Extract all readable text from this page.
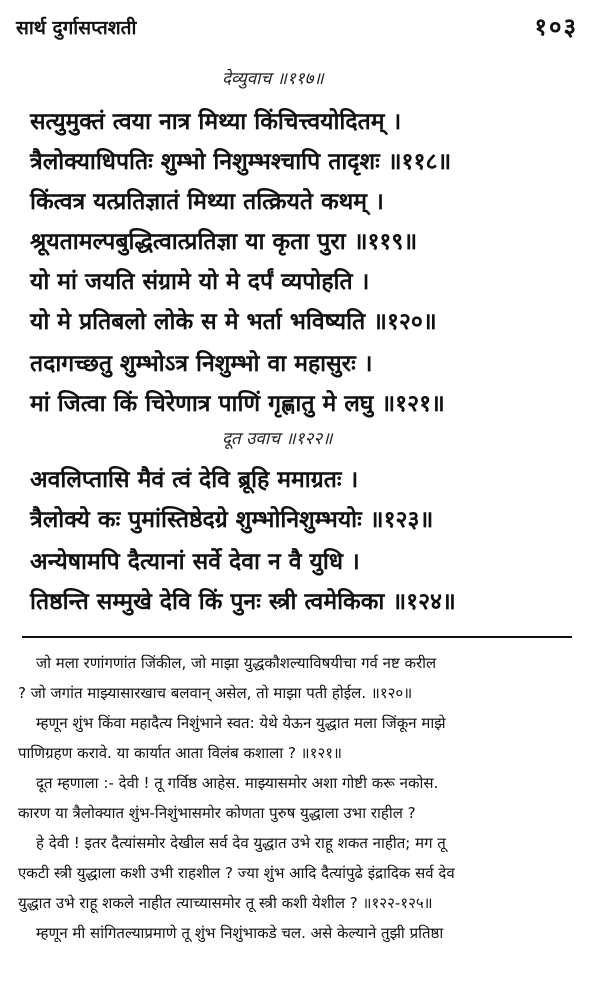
सार्थ दुर्गासप्तशती	१०३
देव्युवाच ॥११७॥
सत्युमुक्तं त्वया नात्र मिथ्या किंचित्त्वयोदितम् ।
त्रैलोक्याधिपतिः शुम्भो निशुम्भश्चापि तादृशः ॥११८॥
किंत्वत्र यत्प्रतिज्ञातं मिथ्या तत्क्रियते कथम् ।
श्रूयतामल्पबुद्धित्वात्प्रतिज्ञा या कृता पुरा ॥११९॥
यो मां जयति संग्रामे यो मे दर्पं व्यपोहति ।
यो मे प्रतिबलो लोके स मे भर्ता भविष्यति ॥१२०॥
तदागच्छतु शुम्भोऽत्र निशुम्भो वा महासुरः ।
मां जित्वा किं चिरेणात्र पाणिं गृह्णातु मे लघु ॥१२१॥
दूत उवाच ॥१२२॥
अवलिप्तासि मैवं त्वं देवि ब्रूहि ममाग्रतः ।
त्रैलोक्ये कः पुमांस्तिष्ठेदग्रे शुम्भोनिशुम्भयोः ॥१२३॥
अन्येषामपि दैत्यानां सर्वे देवा न वै युधि ।
तिष्ठन्ति सम्मुखे देवि किं पुनः स्त्री त्वमेकिका ॥१२४॥
जो मला रणांगणांत जिंकील, जो माझा युद्धकौशल्याविषयीचा गर्व नष्ट करील
? जो जगांत माझ्यासारखाच बलवान् असेल, तो माझा पती होईल. ॥१२०॥
म्हणून शुंभ किंवा महादैत्य निशुंभाने स्वत: येथे येऊन युद्धात मला जिंकून माझे
पाणिग्रहण करावे. या कार्यात आता विलंब कशाला ? ॥१२१॥
दूत म्हणाला :- देवी ! तू गर्विष्ठ आहेस. माझ्यासमोर अशा गोष्टी करू नकोस.
कारण या त्रैलोक्यात शुंभ-निशुंभासमोर कोणता पुरुष युद्धाला उभा राहील ?
हे देवी ! इतर दैत्यांसमोर देखील सर्व देव युद्धात उभे राहू शकत नाहीत; मग तू
एकटी स्त्री युद्धाला कशी उभी राहशील ? ज्या शुंभ आदि दैत्यांपुढे इंद्रादिक सर्व देव
युद्धात उभे राहू शकले नाहीत त्याच्यासमोर तू स्त्री कशी येशील ? ॥१२२-१२५॥
म्हणून मी सांगितल्याप्रमाणे तू शुंभ निशुंभाकडे चल. असे केल्याने तुझी प्रतिष्ठा
